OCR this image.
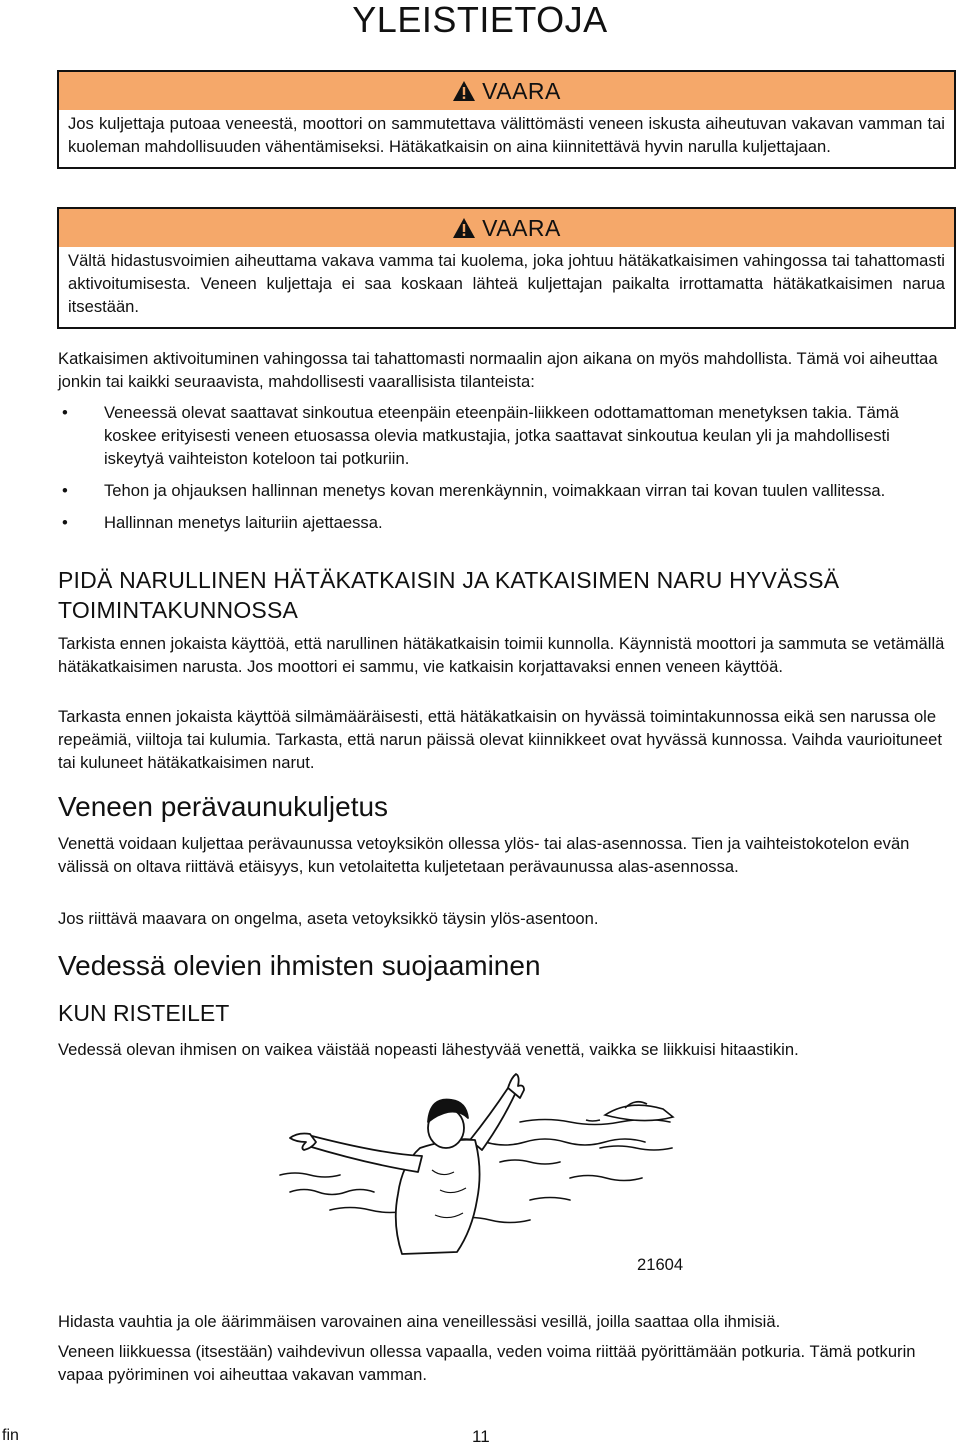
YLEISTIETOJA
VAARA

Jos kuljettaja putoaa veneestä, moottori on sammutettava välittömästi veneen iskusta aiheutuvan vakavan vamman tai kuoleman mahdollisuuden vähentämiseksi. Hätäkatkaisin on aina kiinnitettävä hyvin narulla kuljettajaan.

VAARA

Vältä hidastusvoimien aiheuttama vakava vamma tai kuolema, joka johtuu hätäkatkaisimen vahingossa tai tahattomasti aktivoitumisesta. Veneen kuljettaja ei saa koskaan lähteä kuljettajan paikalta irrottamatta hätäkatkaisimen narua itsestään.

Katkaisimen aktivoituminen vahingossa tai tahattomasti normaalin ajon aikana on myös mahdollista. Tämä voi aiheuttaa jonkin tai kaikki seuraavista, mahdollisesti vaarallisista tilanteista:

• Veneessä olevat saattavat sinkoutua eteenpäin eteenpäin-liikkeen odottamattoman menetyksen takia. Tämä koskee erityisesti veneen etuosassa olevia matkustajia, jotka saattavat sinkoutua keulan yli ja mahdollisesti iskeytyä vaihteiston koteloon tai potkuriin.
• Tehon ja ohjauksen hallinnan menetys kovan merenkäynnin, voimakkaan virran tai kovan tuulen vallitessa.
• Hallinnan menetys laituriin ajettaessa.
PIDÄ NARULLINEN HÄTÄKATKAISIN JA KATKAISIMEN NARU HYVÄSSÄ TOIMINTAKUNNOSSA

Tarkista ennen jokaista käyttöä, että narullinen hätäkatkaisin toimii kunnolla. Käynnistä moottori ja sammuta se vetämällä hätäkatkaisimen narusta. Jos moottori ei sammu, vie katkaisin korjattavaksi ennen veneen käyttöä.

Tarkasta ennen jokaista käyttöä silmämääräisesti, että hätäkatkaisin on hyvässä toimintakunnossa eikä sen narussa ole repeämiä, viiltoja tai kulumia. Tarkasta, että narun päissä olevat kiinnikkeet ovat hyvässä kunnossa. Vaihda vaurioituneet tai kuluneet hätäkatkaisimen narut.

Veneen perävaunukuljetus

Venettä voidaan kuljettaa perävaunussa vetoyksikön ollessa ylös- tai alas-asennossa. Tien ja vaihteistokotelon evän välissä on oltava riittävä etäisyys, kun vetolaitetta kuljetetaan perävaunussa alas-asennossa.

Jos riittävä maavara on ongelma, aseta vetoyksikkö täysin ylös-asentoon.

Vedessä olevien ihmisten suojaaminen
KUN RISTEILET

Vedessä olevan ihmisen on vaikea väistää nopeasti lähestyvää venettä, vaikka se liikkuisi hitaastikin.

21604

Hidasta vauhtia ja ole äärimmäisen varovainen aina veneillessäsi vesillä, joilla saattaa olla ihmisiä.

Veneen liikkuessa (itsestään) vaihdevivun ollessa vapaalla, veden voima riittää pyörittämään potkuria. Tämä potkurin vapaa pyöriminen voi aiheuttaa vakavan vamman.

fin	11
